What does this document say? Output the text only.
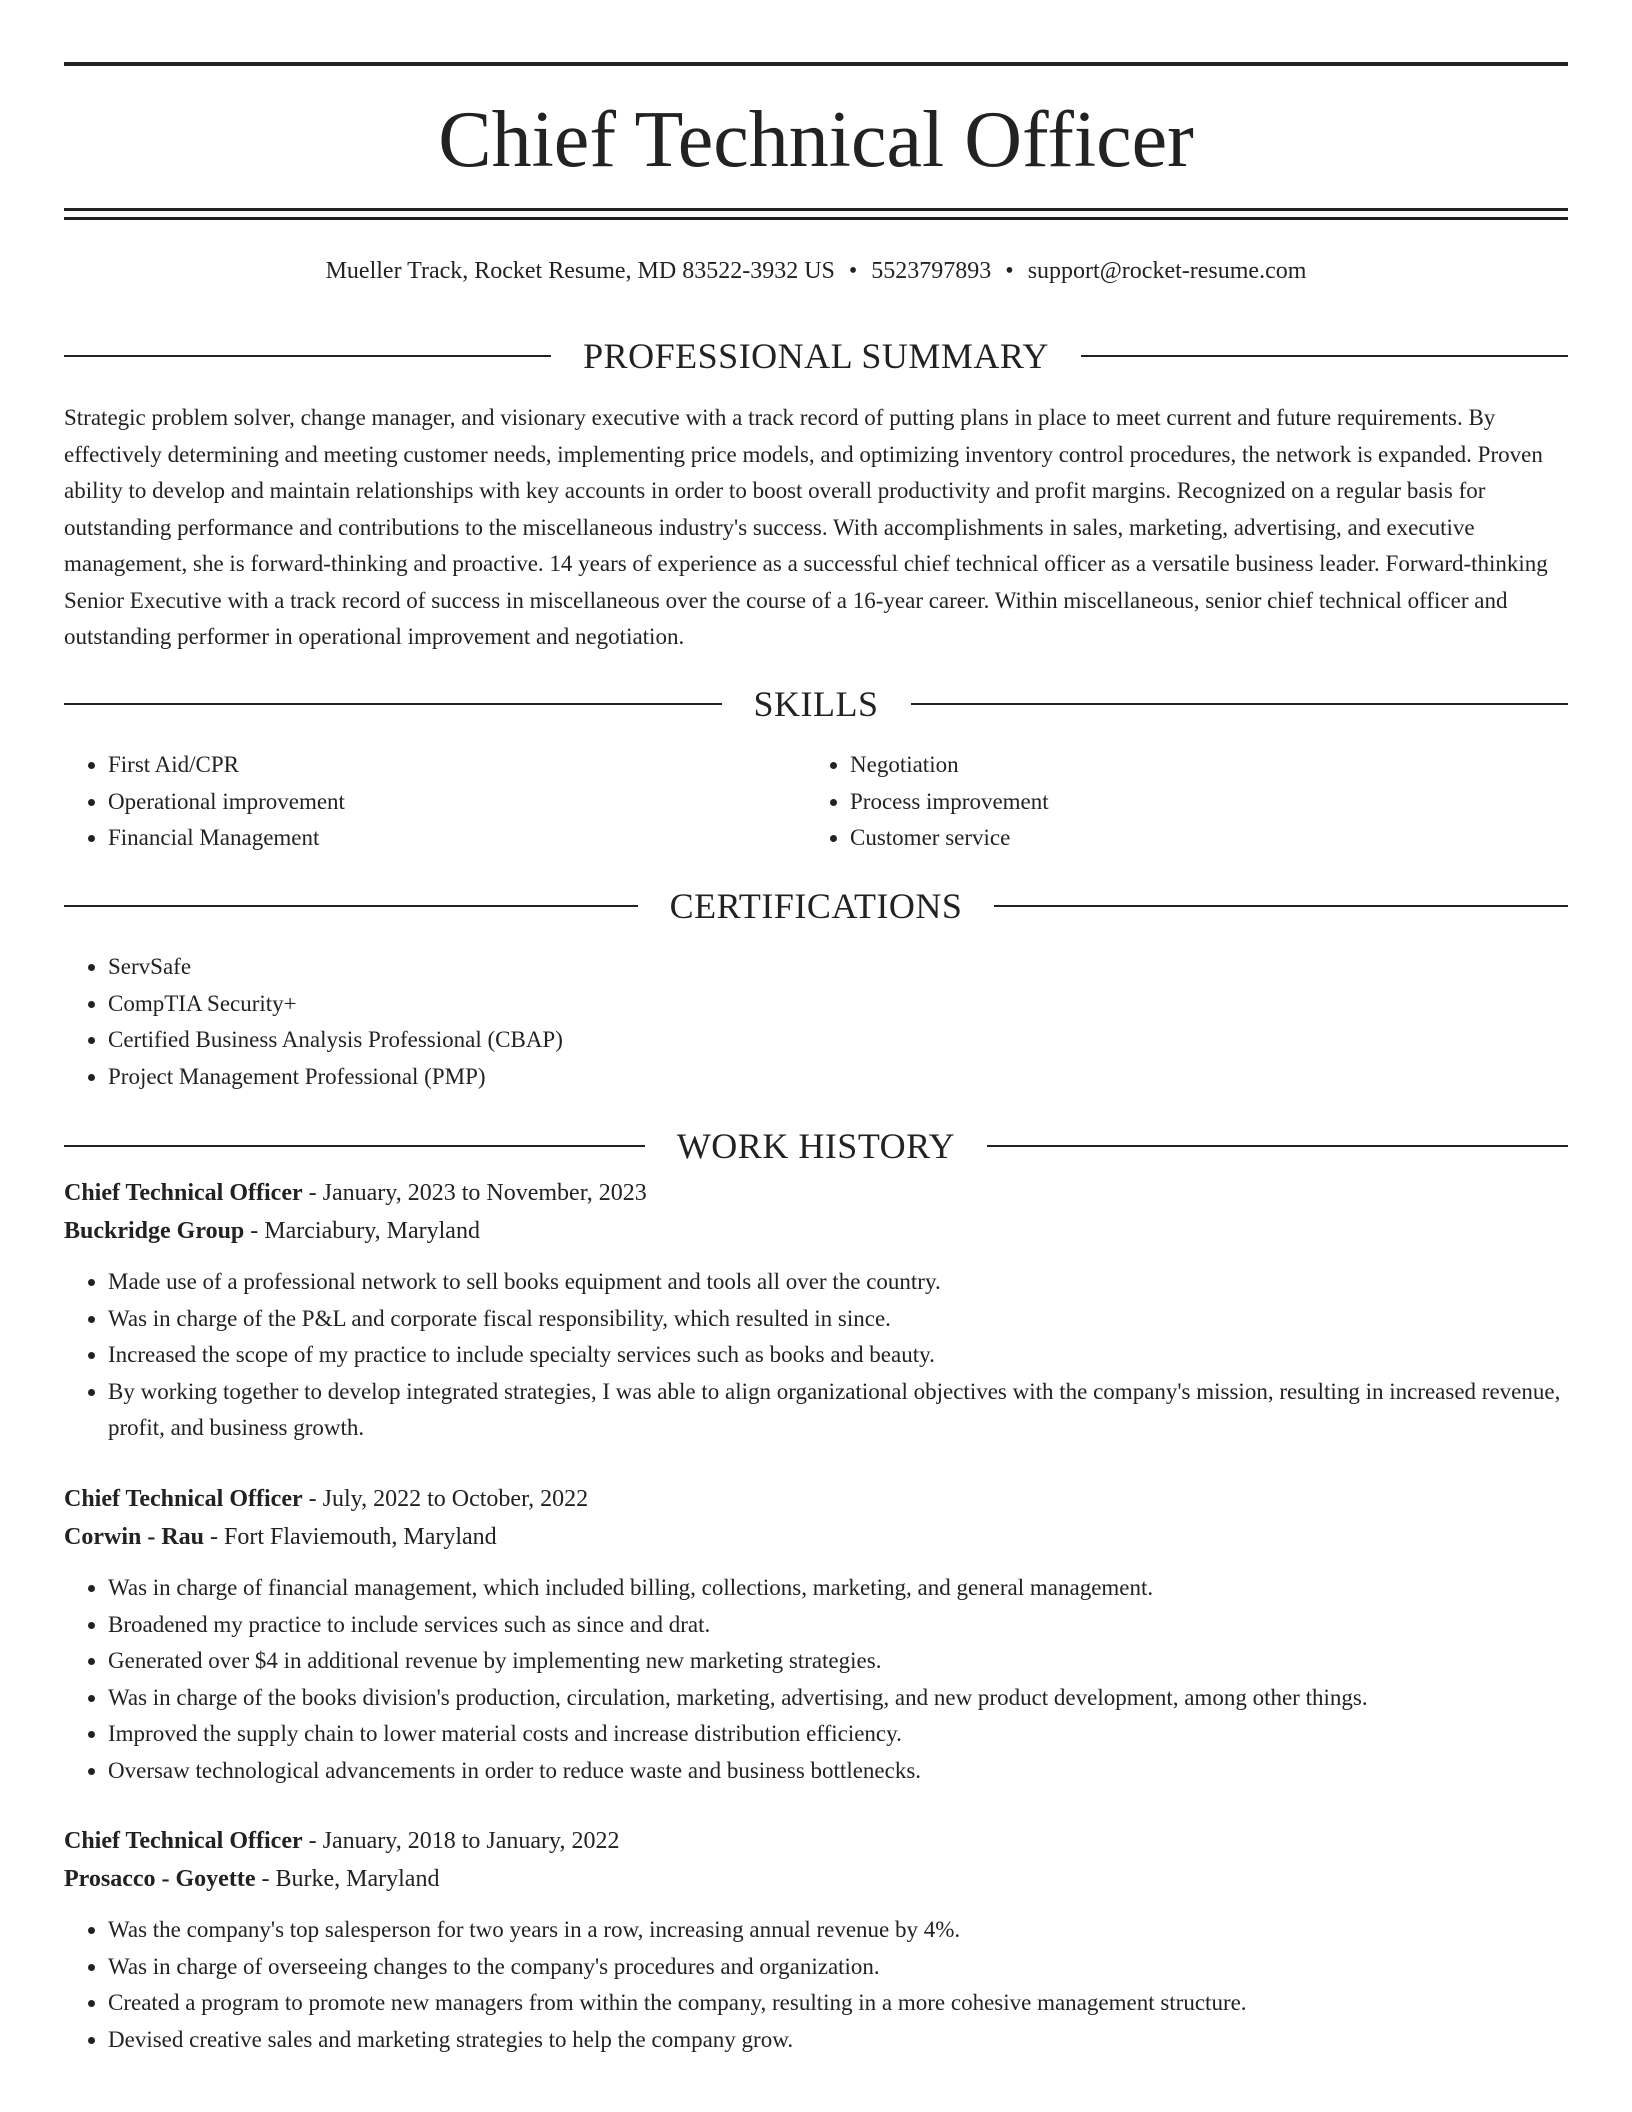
Chief Technical Officer
Mueller Track, Rocket Resume, MD 83522-3932 US • 5523797893 • support@rocket-resume.com
PROFESSIONAL SUMMARY

Strategic problem solver, change manager, and visionary executive with a track record of putting plans in place to meet current and future requirements. By effectively determining and meeting customer needs, implementing price models, and optimizing inventory control procedures, the network is expanded. Proven ability to develop and maintain relationships with key accounts in order to boost overall productivity and profit margins. Recognized on a regular basis for outstanding performance and contributions to the miscellaneous industry's success. With accomplishments in sales, marketing, advertising, and executive management, she is forward-thinking and proactive. 14 years of experience as a successful chief technical officer as a versatile business leader. Forward-thinking Senior Executive with a track record of success in miscellaneous over the course of a 16-year career. Within miscellaneous, senior chief technical officer and outstanding performer in operational improvement and negotiation.

SKILLS
• First Aid/CPR
• Operational improvement
• Financial Management
• Negotiation
• Process improvement
• Customer service
CERTIFICATIONS
• ServSafe
• CompTIA Security+
• Certified Business Analysis Professional (CBAP)
• Project Management Professional (PMP)
WORK HISTORY
Chief Technical Officer - January, 2023 to November, 2023
Buckridge Group - Marciabury, Maryland
• Made use of a professional network to sell books equipment and tools all over the country.
• Was in charge of the P&L and corporate fiscal responsibility, which resulted in since.
• Increased the scope of my practice to include specialty services such as books and beauty.
• By working together to develop integrated strategies, I was able to align organizational objectives with the company's mission, resulting in increased revenue, profit, and business growth.
Chief Technical Officer - July, 2022 to October, 2022
Corwin - Rau - Fort Flaviemouth, Maryland
• Was in charge of financial management, which included billing, collections, marketing, and general management.
• Broadened my practice to include services such as since and drat.
• Generated over $4 in additional revenue by implementing new marketing strategies.
• Was in charge of the books division's production, circulation, marketing, advertising, and new product development, among other things.
• Improved the supply chain to lower material costs and increase distribution efficiency.
• Oversaw technological advancements in order to reduce waste and business bottlenecks.
Chief Technical Officer - January, 2018 to January, 2022
Prosacco - Goyette - Burke, Maryland
• Was the company's top salesperson for two years in a row, increasing annual revenue by 4%.
• Was in charge of overseeing changes to the company's procedures and organization.
• Created a program to promote new managers from within the company, resulting in a more cohesive management structure.
• Devised creative sales and marketing strategies to help the company grow.
